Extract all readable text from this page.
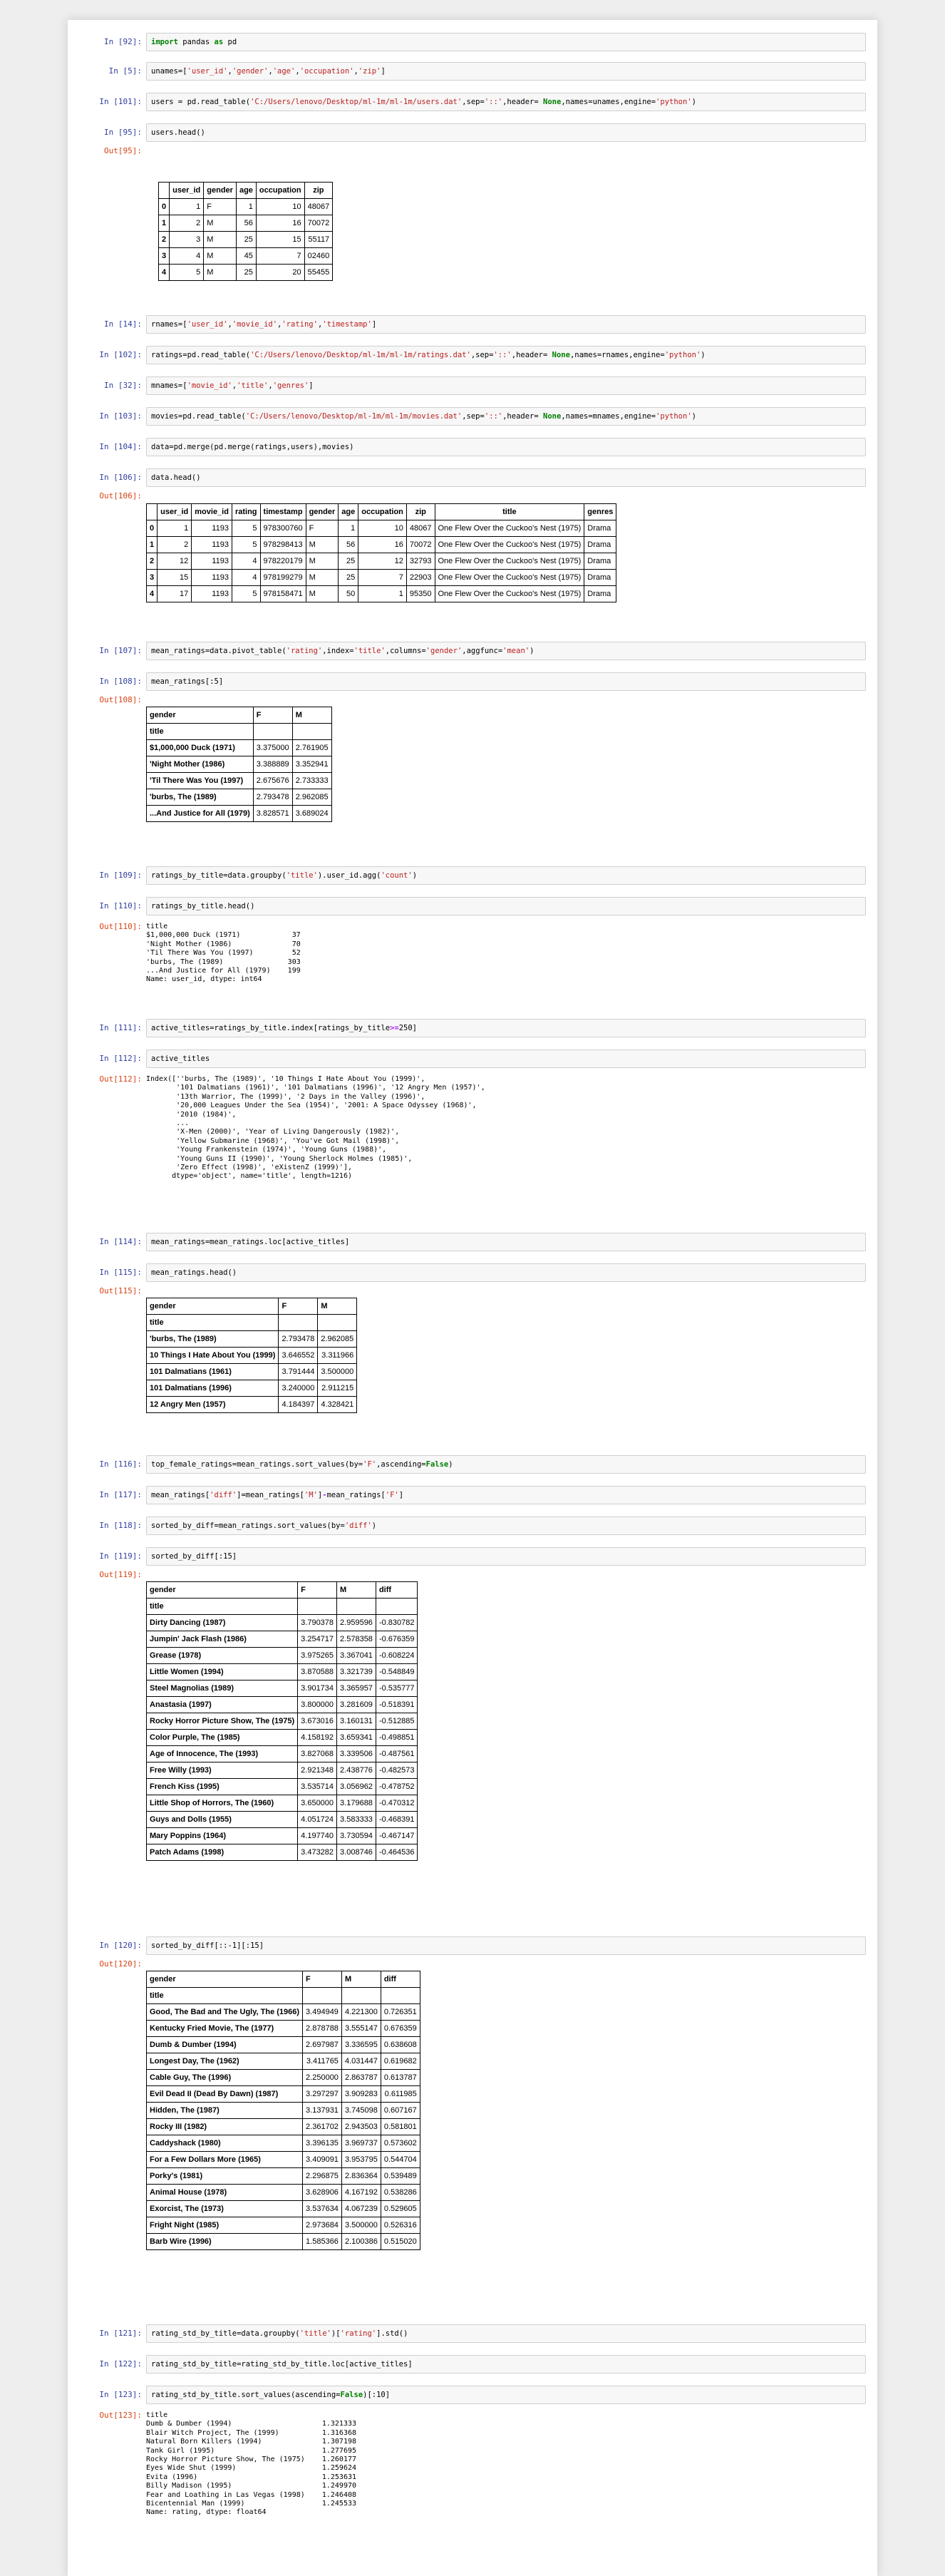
In [92]:	import pandas as pd
In [5]:	unames=['user_id','gender','age','occupation','zip']
In [101]:	users = pd.read_table('C:/Users/lenovo/Desktop/ml-1m/ml-1m/users.dat',sep='::',header= None,names=unames,engine='python')
In [95]:	users.head()
Out[95]:
	user_id	gender	age	occupation	zip
0	1	F	1	10	48067
1	2	M	56	16	70072
2	3	M	25	15	55117
3	4	M	45	7	02460
4	5	M	25	20	55455
In [14]:	rnames=['user_id','movie_id','rating','timestamp']
In [102]:	ratings=pd.read_table('C:/Users/lenovo/Desktop/ml-1m/ml-1m/ratings.dat',sep='::',header= None,names=rnames,engine='python')
In [32]:	mnames=['movie_id','title','genres']
In [103]:	movies=pd.read_table('C:/Users/lenovo/Desktop/ml-1m/ml-1m/movies.dat',sep='::',header= None,names=mnames,engine='python')
In [104]:	data=pd.merge(pd.merge(ratings,users),movies)
In [106]:	data.head()
Out[106]:
	user_id	movie_id	rating	timestamp	gender	age	occupation	zip	title	genres
0	1	1193	5	978300760	F	1	10	48067	One Flew Over the Cuckoo's Nest (1975)	Drama
1	2	1193	5	978298413	M	56	16	70072	One Flew Over the Cuckoo's Nest (1975)	Drama
2	12	1193	4	978220179	M	25	12	32793	One Flew Over the Cuckoo's Nest (1975)	Drama
3	15	1193	4	978199279	M	25	7	22903	One Flew Over the Cuckoo's Nest (1975)	Drama
4	17	1193	5	978158471	M	50	1	95350	One Flew Over the Cuckoo's Nest (1975)	Drama
In [107]:	mean_ratings=data.pivot_table('rating',index='title',columns='gender',aggfunc='mean')
In [108]:	mean_ratings[:5]
Out[108]:
gender	F	M
title		
$1,000,000 Duck (1971)	3.375000	2.761905
'Night Mother (1986)	3.388889	3.352941
'Til There Was You (1997)	2.675676	2.733333
'burbs, The (1989)	2.793478	2.962085
...And Justice for All (1979)	3.828571	3.689024
In [109]:	ratings_by_title=data.groupby('title').user_id.agg('count')
In [110]:	ratings_by_title.head()
Out[110]: title
$1,000,000 Duck (1971)            37
'Night Mother (1986)              70
'Til There Was You (1997)         52
'burbs, The (1989)               303
...And Justice for All (1979)    199
Name: user_id, dtype: int64
In [111]:	active_titles=ratings_by_title.index[ratings_by_title>=250]
In [112]:	active_titles
Out[112]: Index([''burbs, The (1989)', '10 Things I Hate About You (1999)',
'101 Dalmatians (1961)', '101 Dalmatians (1996)', '12 Angry Men (1957)',
'13th Warrior, The (1999)', '2 Days in the Valley (1996)',
'20,000 Leagues Under the Sea (1954)', '2001: A Space Odyssey (1968)',
'2010 (1984)',
...
'X-Men (2000)', 'Year of Living Dangerously (1982)',
'Yellow Submarine (1968)', 'You've Got Mail (1998)',
'Young Frankenstein (1974)', 'Young Guns (1988)',
'Young Guns II (1990)', 'Young Sherlock Holmes (1985)',
'Zero Effect (1998)', 'eXistenZ (1999)'],
dtype='object', name='title', length=1216)
In [114]:	mean_ratings=mean_ratings.loc[active_titles]
In [115]:	mean_ratings.head()
Out[115]:
gender	F	M
title		
'burbs, The (1989)	2.793478	2.962085
10 Things I Hate About You (1999)	3.646552	3.311966
101 Dalmatians (1961)	3.791444	3.500000
101 Dalmatians (1996)	3.240000	2.911215
12 Angry Men (1957)	4.184397	4.328421
In [116]:	top_female_ratings=mean_ratings.sort_values(by='F',ascending=False)
In [117]:	mean_ratings['diff']=mean_ratings['M']-mean_ratings['F']
In [118]:	sorted_by_diff=mean_ratings.sort_values(by='diff')
In [119]:	sorted_by_diff[:15]
Out[119]:
gender	F	M	diff
title			
Dirty Dancing (1987)	3.790378	2.959596	-0.830782
Jumpin' Jack Flash (1986)	3.254717	2.578358	-0.676359
Grease (1978)	3.975265	3.367041	-0.608224
Little Women (1994)	3.870588	3.321739	-0.548849
Steel Magnolias (1989)	3.901734	3.365957	-0.535777
Anastasia (1997)	3.800000	3.281609	-0.518391
Rocky Horror Picture Show, The (1975)	3.673016	3.160131	-0.512885
Color Purple, The (1985)	4.158192	3.659341	-0.498851
Age of Innocence, The (1993)	3.827068	3.339506	-0.487561
Free Willy (1993)	2.921348	2.438776	-0.482573
French Kiss (1995)	3.535714	3.056962	-0.478752
Little Shop of Horrors, The (1960)	3.650000	3.179688	-0.470312
Guys and Dolls (1955)	4.051724	3.583333	-0.468391
Mary Poppins (1964)	4.197740	3.730594	-0.467147
Patch Adams (1998)	3.473282	3.008746	-0.464536
In [120]:	sorted_by_diff[::-1][:15]
Out[120]:
gender	F	M	diff
title			
Good, The Bad and The Ugly, The (1966)	3.494949	4.221300	0.726351
Kentucky Fried Movie, The (1977)	2.878788	3.555147	0.676359
Dumb & Dumber (1994)	2.697987	3.336595	0.638608
Longest Day, The (1962)	3.411765	4.031447	0.619682
Cable Guy, The (1996)	2.250000	2.863787	0.613787
Evil Dead II (Dead By Dawn) (1987)	3.297297	3.909283	0.611985
Hidden, The (1987)	3.137931	3.745098	0.607167
Rocky III (1982)	2.361702	2.943503	0.581801
Caddyshack (1980)	3.396135	3.969737	0.573602
For a Few Dollars More (1965)	3.409091	3.953795	0.544704
Porky's (1981)	2.296875	2.836364	0.539489
Animal House (1978)	3.628906	4.167192	0.538286
Exorcist, The (1973)	3.537634	4.067239	0.529605
Fright Night (1985)	2.973684	3.500000	0.526316
Barb Wire (1996)	1.585366	2.100386	0.515020
In [121]:	rating_std_by_title=data.groupby('title')['rating'].std()
In [122]:	rating_std_by_title=rating_std_by_title.loc[active_titles]
In [123]:	rating_std_by_title.sort_values(ascending=False)[:10]
Out[123]: title
Dumb & Dumber (1994)                     1.321333
Blair Witch Project, The (1999)          1.316368
Natural Born Killers (1994)              1.307198
Tank Girl (1995)                         1.277695
Rocky Horror Picture Show, The (1975)    1.260177
Eyes Wide Shut (1999)                    1.259624
Evita (1996)                             1.253631
Billy Madison (1995)                     1.249970
Fear and Loathing in Las Vegas (1998)    1.246408
Bicentennial Man (1999)                  1.245533
Name: rating, dtype: float64
